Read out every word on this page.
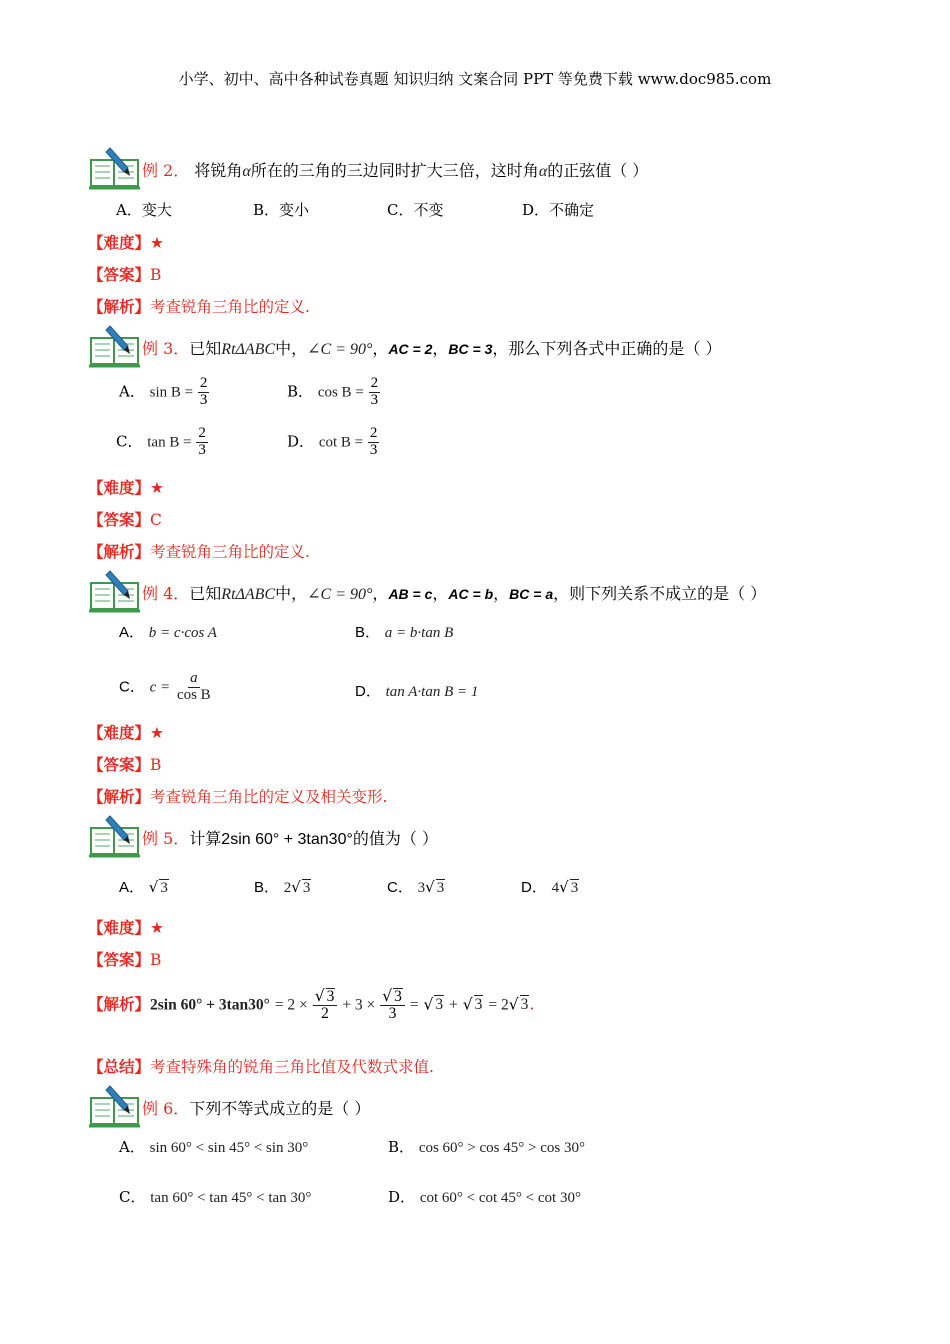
小学、初中、高中各种试卷真题 知识归纳 文案合同 PPT 等免费下载 www.doc985.com
例 2． 将锐角α所在的三角的三边同时扩大三倍，这时角α的正弦值（ ）
A．变大	B．变小	C．不变	D．不确定
【难度】★
【答案】B
【解析】考查锐角三角比的定义.
例 3．已知RtΔABC中，∠C = 90°，AC = 2，BC = 3，那么下列各式中正确的是（ ）
A． $\sin B = \frac{2}{3}$	B． $\cos B = \frac{2}{3}$
C． $\tan B = \frac{2}{3}$	D． $\cot B = \frac{2}{3}$
【难度】★
【答案】C
【解析】考查锐角三角比的定义.
例 4．已知RtΔABC中，∠C = 90°，AB = c，AC = b，BC = a，则下列关系不成立的是（ ）
A． b = c·cos A	B． a = b·tan B
C． $c = \frac{a}{\text{cos B}}$	D． tan A·tan B = 1
【难度】★
【答案】B
【解析】考查锐角三角比的定义及相关变形.
例 5．计算2sin 60° + 3tan30°的值为（ ）
A． √ 3	B． 2√ 3	C． 3√ 3	D． 4√ 3
【难度】★
【答案】B
【解析】2sin $60^\circ + 3\tan 30^\circ = 2 \times \frac{√ 3}{2} + 3 \times \frac{√ 3}{3}$ = √ 3 + √ 3 = 2√ 3.
【总结】考查特殊角的锐角三角比值及代数式求值.
例 6．下列不等式成立的是（ ）
A． sin 60° < sin 45° < sin 30°	B． cos 60° > cos 45° > cos 30°
C． tan 60° < tan 45° < tan 30°	D． cot 60° < cot 45° < cot 30°
